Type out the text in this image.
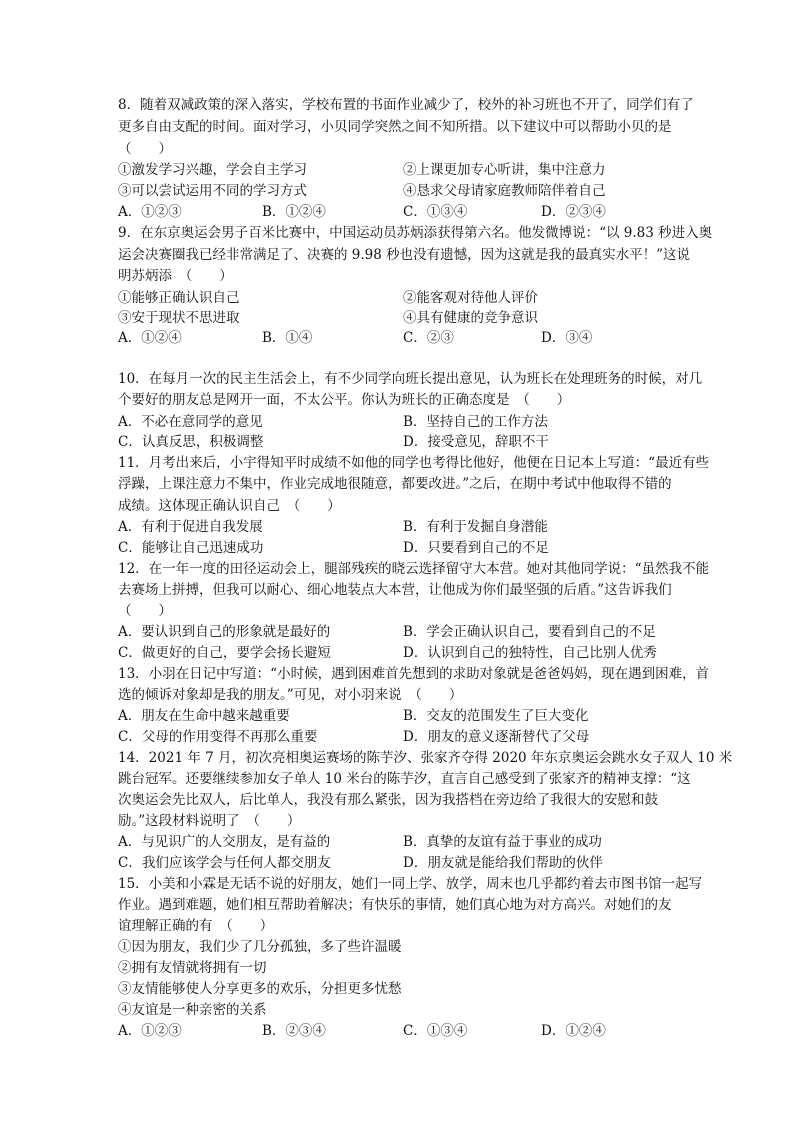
8．随着双减政策的深入落实，学校布置的书面作业减少了，校外的补习班也不开了，同学们有了
更多自由支配的时间。面对学习，小贝同学突然之间不知所措。以下建议中可以帮助小贝的是
（　　）
①激发学习兴趣，学会自主学习	②上课更加专心听讲，集中注意力
③可以尝试运用不同的学习方式	④恳求父母请家庭教师陪伴着自己
A．①②③	B．①②④	C．①③④	D．②③④
9．在东京奥运会男子百米比赛中，中国运动员苏炳添获得第六名。他发微博说：“以 9.83 秒进入奥
运会决赛圈我已经非常满足了、决赛的 9.98 秒也没有遗憾，因为这就是我的最真实水平！”这说
明苏炳添　（　　）
①能够正确认识自己	②能客观对待他人评价
③安于现状不思进取	④具有健康的竞争意识
A．①②④	B．①④	C．②③	D．③④
10．在每月一次的民主生活会上，有不少同学向班长提出意见，认为班长在处理班务的时候，对几
个要好的朋友总是网开一面，不太公平。你认为班长的正确态度是　（　　）
A．不必在意同学的意见	B．坚持自己的工作方法
C．认真反思，积极调整	D．接受意见，辞职不干
11．月考出来后，小宇得知平时成绩不如他的同学也考得比他好，他便在日记本上写道：“最近有些
浮躁，上课注意力不集中，作业完成地很随意，都要改进。”之后，在期中考试中他取得不错的
成绩。这体现正确认识自己　（　　）
A．有利于促进自我发展	B．有利于发掘自身潜能
C．能够让自己迅速成功	D．只要看到自己的不足
12．在一年一度的田径运动会上，腿部残疾的晓云选择留守大本营。她对其他同学说：“虽然我不能
去赛场上拼搏，但我可以耐心、细心地装点大本营，让他成为你们最坚强的后盾。”这告诉我们
（　　）
A．要认识到自己的形象就是最好的	B．学会正确认识自己，要看到自己的不足
C．做更好的自己，要学会扬长避短	D．认识到自己的独特性，自己比别人优秀
13．小羽在日记中写道：“小时候，遇到困难首先想到的求助对象就是爸爸妈妈，现在遇到困难，首
选的倾诉对象却是我的朋友。”可见，对小羽来说　（　　）
A．朋友在生命中越来越重要	B．交友的范围发生了巨大变化
C．父母的作用变得不再那么重要	D．朋友的意义逐渐替代了父母
14．2021 年 7 月，初次亮相奥运赛场的陈芋汐、张家齐夺得 2020 年东京奥运会跳水女子双人 10 米
跳台冠军。还要继续参加女子单人 10 米台的陈芋汐，直言自己感受到了张家齐的精神支撑：“这
次奥运会先比双人，后比单人，我没有那么紧张，因为我搭档在旁边给了我很大的安慰和鼓
励。”这段材料说明了　（　　）
A．与见识广的人交朋友，是有益的	B．真挚的友谊有益于事业的成功
C．我们应该学会与任何人都交朋友	D．朋友就是能给我们帮助的伙伴
15．小美和小霖是无话不说的好朋友，她们一同上学、放学，周末也几乎都约着去市图书馆一起写
作业。遇到难题，她们相互帮助着解决；有快乐的事情，她们真心地为对方高兴。对她们的友
谊理解正确的有　（　　）
①因为朋友，我们少了几分孤独，多了些许温暖
②拥有友情就将拥有一切
③友情能够使人分享更多的欢乐，分担更多忧愁
④友谊是一种亲密的关系
A．①②③	B．②③④	C．①③④	D．①②④
